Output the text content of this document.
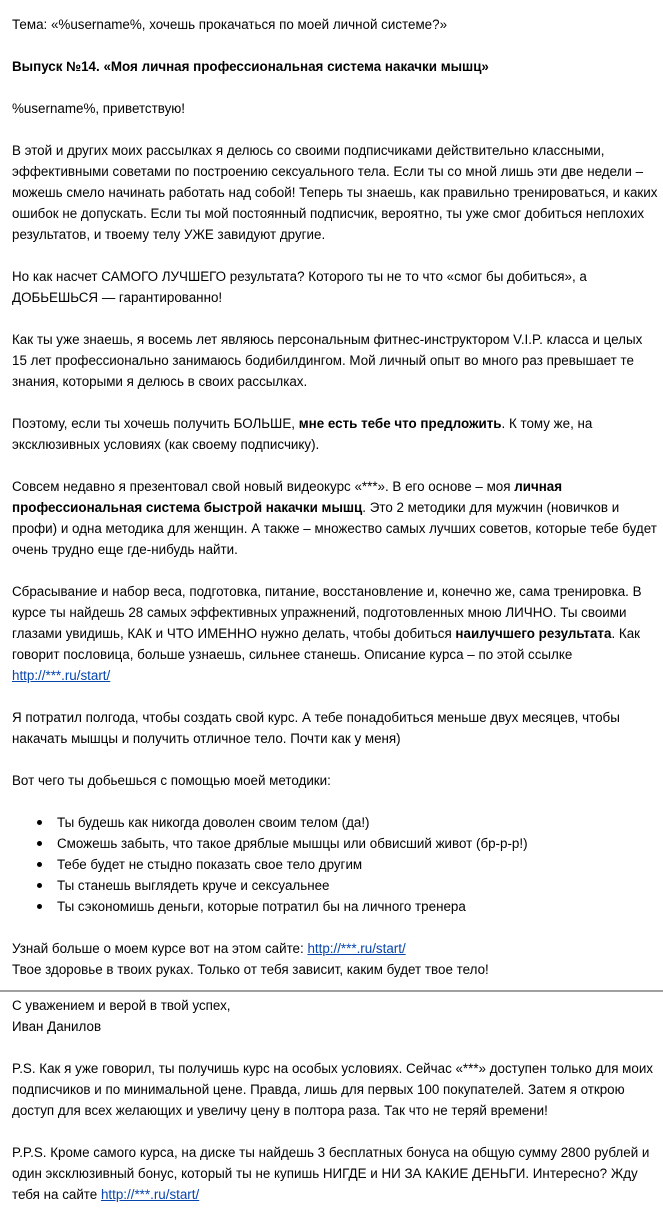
Тема: «%username%, хочешь прокачаться по моей личной системе?»

Выпуск №14. «Моя личная профессиональная система накачки мышц»

%username%, приветствую!

В этой и других моих рассылках я делюсь со своими подписчиками действительно классными, эффективными советами по построению сексуального тела. Если ты со мной лишь эти две недели – можешь смело начинать работать над собой! Теперь ты знаешь, как правильно тренироваться, и каких ошибок не допускать. Если ты мой постоянный подписчик, вероятно, ты уже смог добиться неплохих результатов, и твоему телу УЖЕ завидуют другие.

Но как насчет САМОГО ЛУЧШЕГО результата? Которого ты не то что «смог бы добиться», а ДОБЬЕШЬСЯ — гарантированно!

Как ты уже знаешь, я восемь лет являюсь персональным фитнес-инструктором V.I.P. класса и целых 15 лет профессионально занимаюсь бодибилдингом. Мой личный опыт во много раз превышает те знания, которыми я делюсь в своих рассылках.

Поэтому, если ты хочешь получить БОЛЬШЕ, мне есть тебе что предложить. К тому же, на эксклюзивных условиях (как своему подписчику).

Совсем недавно я презентовал свой новый видеокурс «***». В его основе – моя личная профессиональная система быстрой накачки мышц. Это 2 методики для мужчин (новичков и профи) и одна методика для женщин. А также – множество самых лучших советов, которые тебе будет очень трудно еще где-нибудь найти.

Сбрасывание и набор веса, подготовка, питание, восстановление и, конечно же, сама тренировка. В курсе ты найдешь 28 самых эффективных упражнений, подготовленных мною ЛИЧНО. Ты своими глазами увидишь, КАК и ЧТО ИМЕННО нужно делать, чтобы добиться наилучшего результата. Как говорит пословица, больше узнаешь, сильнее станешь. Описание курса – по этой ссылке
http://***.ru/start/

Я потратил полгода, чтобы создать свой курс. А тебе понадобиться меньше двух месяцев, чтобы накачать мышцы и получить отличное тело. Почти как у меня)

Вот чего ты добьешься с помощью моей методики:

Ты будешь как никогда доволен своим телом (да!)
Сможешь забыть, что такое дряблые мышцы или обвисший живот (бр-р-р!)
Тебе будет не стыдно показать свое тело другим
Ты станешь выглядеть круче и сексуальнее
Ты сэкономишь деньги, которые потратил бы на личного тренера

Узнай больше о моем курсе вот на этом сайте: http://***.ru/start/

Твое здоровье в твоих руках. Только от тебя зависит, каким будет твое тело!

С уважением и верой в твой успех,

Иван Данилов

P.S. Как я уже говорил, ты получишь курс на особых условиях. Сейчас «***» доступен только для моих подписчиков и по минимальной цене. Правда, лишь для первых 100 покупателей. Затем я открою доступ для всех желающих и увеличу цену в полтора раза. Так что не теряй времени!

P.P.S. Кроме самого курса, на диске ты найдешь 3 бесплатных бонуса на общую сумму 2800 рублей и один эксклюзивный бонус, который ты не купишь НИГДЕ и НИ ЗА КАКИЕ ДЕНЬГИ. Интересно? Жду тебя на сайте http://***.ru/start/
